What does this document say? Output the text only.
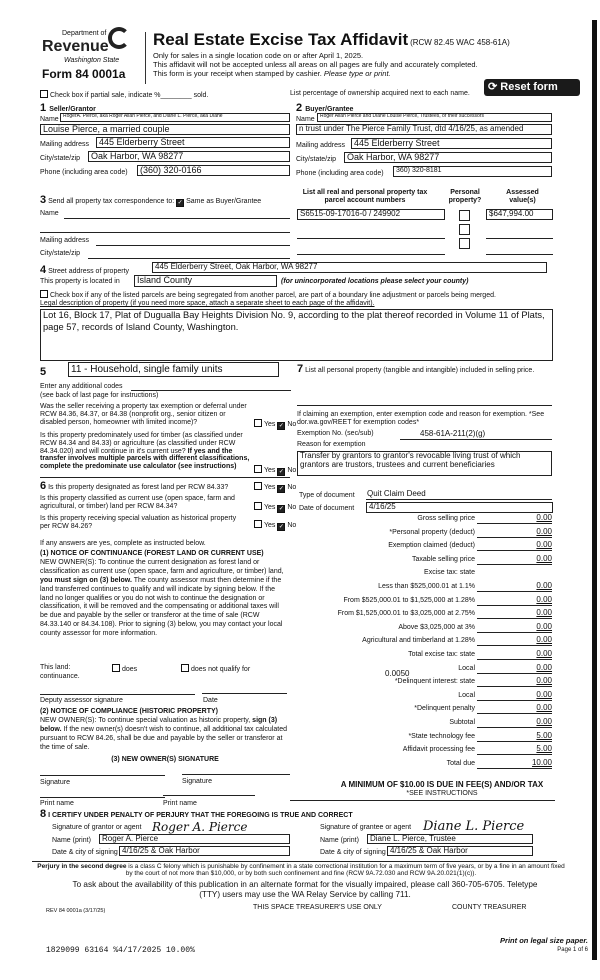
Department of
Revenue
Washington State
Form 84 0001a
Real Estate Excise Tax Affidavit (RCW 82.45 WAC 458-61A)
Only for sales in a single location code on or after April 1, 2025.
This affidavit will not be accepted unless all areas on all pages are fully and accurately completed.
This form is your receipt when stamped by cashier. Please type or print.
⟳ Reset form
Check box if partial sale, indicate %________ sold.	List percentage of ownership acquired next to each name.
1 Seller/Grantor
Name RogerA. Pierce, aka Roger Allan Pierce, and Diane L. Pierce, aka Diane
Louise Pierce, a married couple
Mailing address	445 Elderberry Street
City/state/zip	Oak Harbor, WA 98277
Phone (including area code)	(360) 320-0166
2 Buyer/Grantee
Name	Roger Allan Pierce and Diane Louise Pierce, Trustees, or their successors
n trust under The Pierce Family Trust, dtd 4/16/25, as amended
Mailing address 445 Elderberry Street
City/state/zip	Oak Harbor, WA 98277
Phone (including area code)	360) 320-8181
3 Send all property tax correspondence to: ✓ Same as Buyer/Grantee
Name
Mailing address
City/state/zip
List all real and personal property tax
parcel account numbers
Personal
property?
Assessed
value(s)
S6515-09-17016-0 / 249902	$647,994.00
4 Street address of property
445 Elderberry Street, Oak Harbor, WA 98277
This property is located in	Island County	(for unincorporated locations please select your county)
Check box if any of the listed parcels are being segregated from another parcel, are part of a boundary line adjustment or parcels being merged.
Legal description of property (if you need more space, attach a separate sheet to each page of the affidavit).
Lot 16, Block 17, Plat of Dugualla Bay Heights Division No. 9, according to the plat thereof recorded in Volume 11 of Plats, page 57, records of Island County, Washington.
5	11 - Household, single family units
Enter any additional codes
(see back of last page for instructions)
Was the seller receiving a property tax exemption or deferral under RCW 84.36, 84.37, or 84.38 (nonprofit org., senior citizen or disabled person, homeowner with limited income)?	Yes ✓ No
Is this property predominately used for timber (as classified under RCW 84.34 and 84.33) or agriculture (as classified under RCW 84.34.020) and will continue in it's current use? If yes and the transfer involves multiple parcels with different classifications, complete the predominate use calculator (see instructions)
Yes ✓ No
6 Is this property designated as forest land per RCW 84.33?	Yes ✓ No
Is this property classified as current use (open space, farm and agricultural, or timber) land per RCW 84.34?	Yes ✓ No
Is this property receiving special valuation as historical property per RCW 84.26?	Yes ✓ No
If any answers are yes, complete as instructed below.
(1) NOTICE OF CONTINUANCE (FOREST LAND OR CURRENT USE)
NEW OWNER(S): To continue the current designation as forest land or classification as current use (open space, farm and agriculture, or timber) land, you must sign on (3) below. The county assessor must then determine if the land transferred continues to qualify and will indicate by signing below. If the land no longer qualifies or you do not wish to continue the designation or classification, it will be removed and the compensating or additional taxes will be due and payable by the seller or transferor at the time of sale (RCW 84.33.140 or 84.34.108). Prior to signing (3) below, you may contact your local county assessor for more information.
This land:
continuance.
does	does not qualify for
Deputy assessor signature	Date
(2) NOTICE OF COMPLIANCE (HISTORIC PROPERTY)
NEW OWNER(S): To continue special valuation as historic property, sign (3) below. If the new owner(s) doesn't wish to continue, all additional tax calculated pursuant to RCW 84.26, shall be due and payable by the seller or transferor at the time of sale.
(3) NEW OWNER(S) SIGNATURE
Signature	Signature
Print name	Print name
7 List all personal property (tangible and intangible) included in selling price.
If claiming an exemption, enter exemption code and reason for exemption. *See dor.wa.gov/REET for exemption codes*
Exemption No. (sec/sub)	458-61A-211(2)(g)
Reason for exemption
Transfer by grantors to grantor's revocable living trust of which grantors are trustors, trustees and current beneficiaries
Type of document Quit Claim Deed
Date of document	4/16/25
Gross selling price	0.00
*Personal property (deduct)	0.00
Exemption claimed (deduct)	0.00
Taxable selling price	0.00
Excise tax: state
Less than $525,000.01 at 1.1%	0.00
From $525,000.01 to $1,525,000 at 1.28%	0.00
From $1,525,000.01 to $3,025,000 at 2.75%	0.00
Above $3,025,000 at 3%	0.00
Agricultural and timberland at 1.28%	0.00
Total excise tax: state	0.00
Local	0.00
*Delinquent interest: state	0.00
Local	0.00
*Delinquent penalty	0.00
Subtotal	0.00
*State technology fee	5.00
Affidavit processing fee	5.00
Total due	10.00
0.0050
A MINIMUM OF $10.00 IS DUE IN FEE(S) AND/OR TAX
*SEE INSTRUCTIONS
8 I CERTIFY UNDER PENALTY OF PERJURY THAT THE FOREGOING IS TRUE AND CORRECT
Signature of grantor or agent Roger A. Pierce
Name (print)	Roger A. Pierce
Date & city of signing 4/16/25 & Oak Harbor
Signature of grantee or agent Diane L. Pierce
Name (print)	Diane L. Pierce, Trustee
Date & city of signing 4/16/25 & Oak Harbor
Perjury in the second degree is a class C felony which is punishable by confinement in a state correctional institution for a maximum term of five years, or by a fine in an amount fixed by the court of not more than $10,000, or by both such confinement and fine (RCW 9A.72.030 and RCW 9A.20.021(1)(c)).
To ask about the availability of this publication in an alternate format for the visually impaired, please call 360-705-6705. Teletype
(TTY) users may use the WA Relay Service by calling 711.
REV 84 0001a (3/17/25)	THIS SPACE TREASURER'S USE ONLY	COUNTY TREASURER
1829099 63164 %4/17/2025 10.00%
Print on legal size paper.
Page 1 of 6
